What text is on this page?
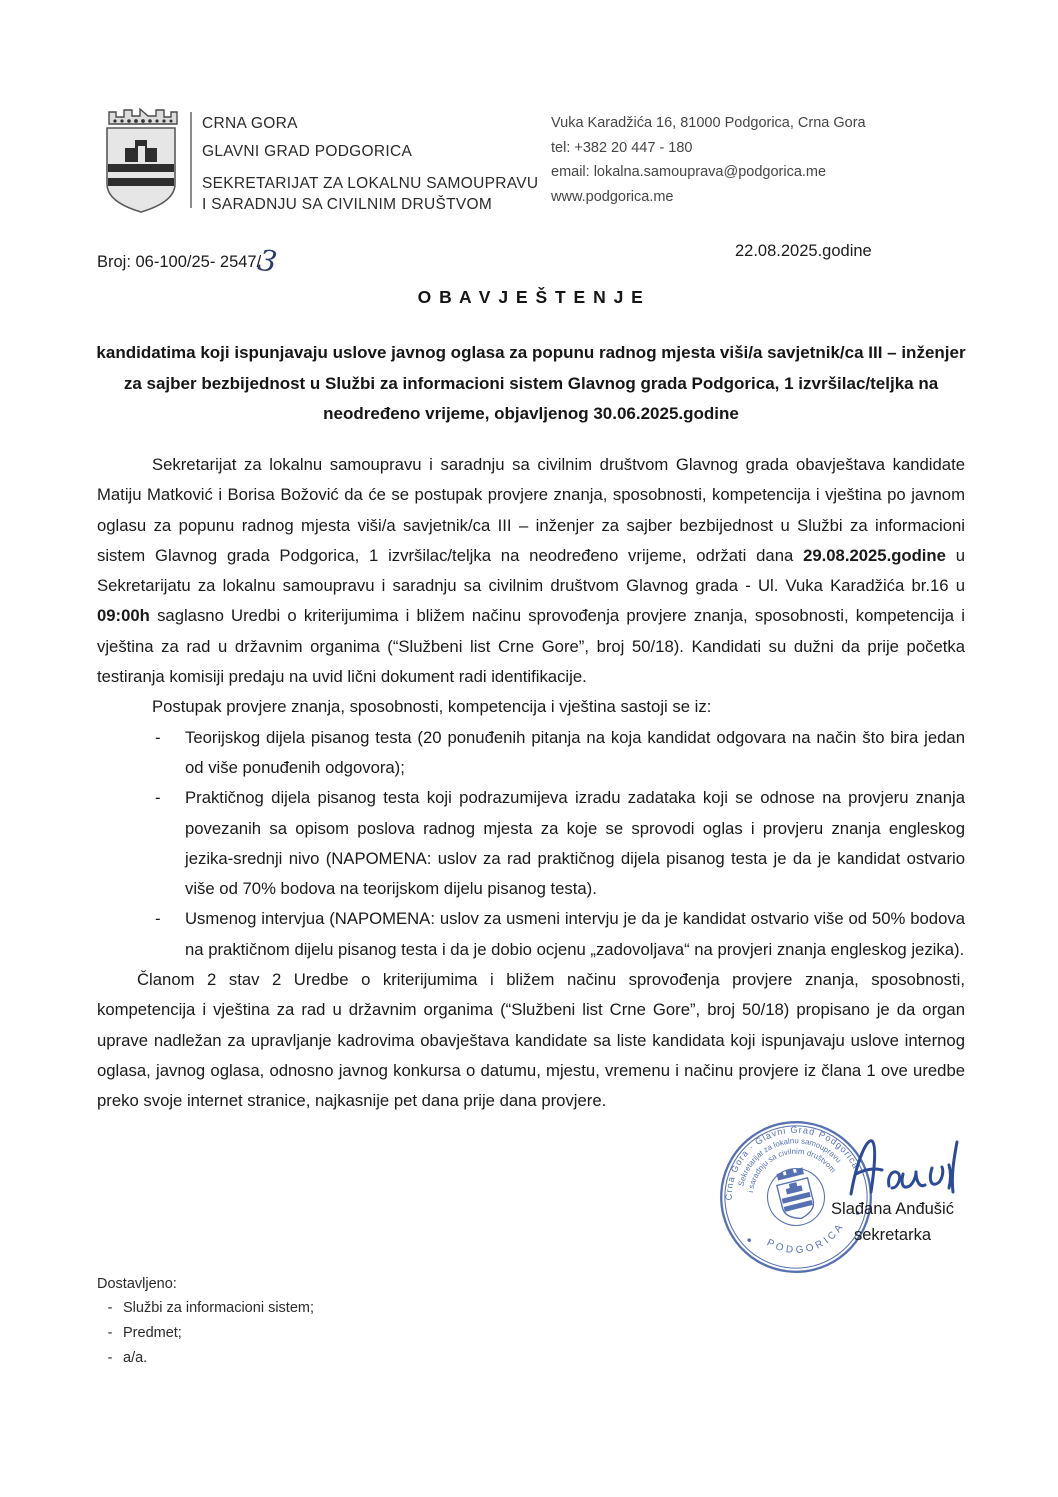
CRNA GORA
GLAVNI GRAD PODGORICA
SEKRETARIJAT ZA LOKALNU SAMOUPRAVU
I SARADNJU SA CIVILNIM DRUŠTVOM
Vuka Karadžića 16, 81000 Podgorica, Crna Gora
tel: +382 20 447 - 180
email: lokalna.samouprava@podgorica.me
www.podgorica.me
Broj: 06-100/25- 2547/3	22.08.2025.godine
O B A V J E Š T E N J E
kandidatima koji ispunjavaju uslove javnog oglasa za popunu radnog mjesta viši/a savjetnik/ca III – inženjer za sajber bezbijednost u Službi za informacioni sistem Glavnog grada Podgorica, 1 izvršilac/teljka na neodređeno vrijeme, objavljenog 30.06.2025.godine

Sekretarijat za lokalnu samoupravu i saradnju sa civilnim društvom Glavnog grada obavještava kandidate Matiju Matković i Borisa Božović da će se postupak provjere znanja, sposobnosti, kompetencija i vještina po javnom oglasu za popunu radnog mjesta viši/a savjetnik/ca III – inženjer za sajber bezbijednost u Službi za informacioni sistem Glavnog grada Podgorica, 1 izvršilac/teljka na neodređeno vrijeme, održati dana 29.08.2025.godine u Sekretarijatu za lokalnu samoupravu i saradnju sa civilnim društvom Glavnog grada - Ul. Vuka Karadžića br.16 u 09:00h saglasno Uredbi o kriterijumima i bližem načinu sprovođenja provjere znanja, sposobnosti, kompetencija i vještina za rad u državnim organima (“Službeni list Crne Gore”, broj 50/18). Kandidati su dužni da prije početka testiranja komisiji predaju na uvid lični dokument radi identifikacije.

Postupak provjere znanja, sposobnosti, kompetencija i vještina sastoji se iz:

-	Teorijskog dijela pisanog testa (20 ponuđenih pitanja na koja kandidat odgovara na način što bira jedan od više ponuđenih odgovora);
-	Praktičnog dijela pisanog testa koji podrazumijeva izradu zadataka koji se odnose na provjeru znanja povezanih sa opisom poslova radnog mjesta za koje se sprovodi oglas i provjeru znanja engleskog jezika-srednji nivo (NAPOMENA: uslov za rad praktičnog dijela pisanog testa je da je kandidat ostvario više od 70% bodova na teorijskom dijelu pisanog testa).
-	Usmenog intervjua (NAPOMENA: uslov za usmeni intervju je da je kandidat ostvario više od 50% bodova na praktičnom dijelu pisanog testa i da je dobio ocjenu „zadovoljava“ na provjeri znanja engleskog jezika).

Članom 2 stav 2 Uredbe o kriterijumima i bližem načinu sprovođenja provjere znanja, sposobnosti, kompetencija i vještina za rad u državnim organima (“Službeni list Crne Gore”, broj 50/18) propisano je da organ uprave nadležan za upravljanje kadrovima obavještava kandidate sa liste kandidata koji ispunjavaju uslove internog oglasa, javnog oglasa, odnosno javnog konkursa o datumu, mjestu, vremenu i načinu provjere iz člana 1 ove uredbe preko svoje internet stranice, najkasnije pet dana prije dana provjere.

Crna Gora · Glavni Grad Podgorica
Sekretarijat za lokalnu samoupravu
i saradnju sa civilnim društvom
PODGORICA
Slađana Anđušić
sekretarka
Dostavljeno:
- Službi za informacioni sistem;
- Predmet;
- a/a.
